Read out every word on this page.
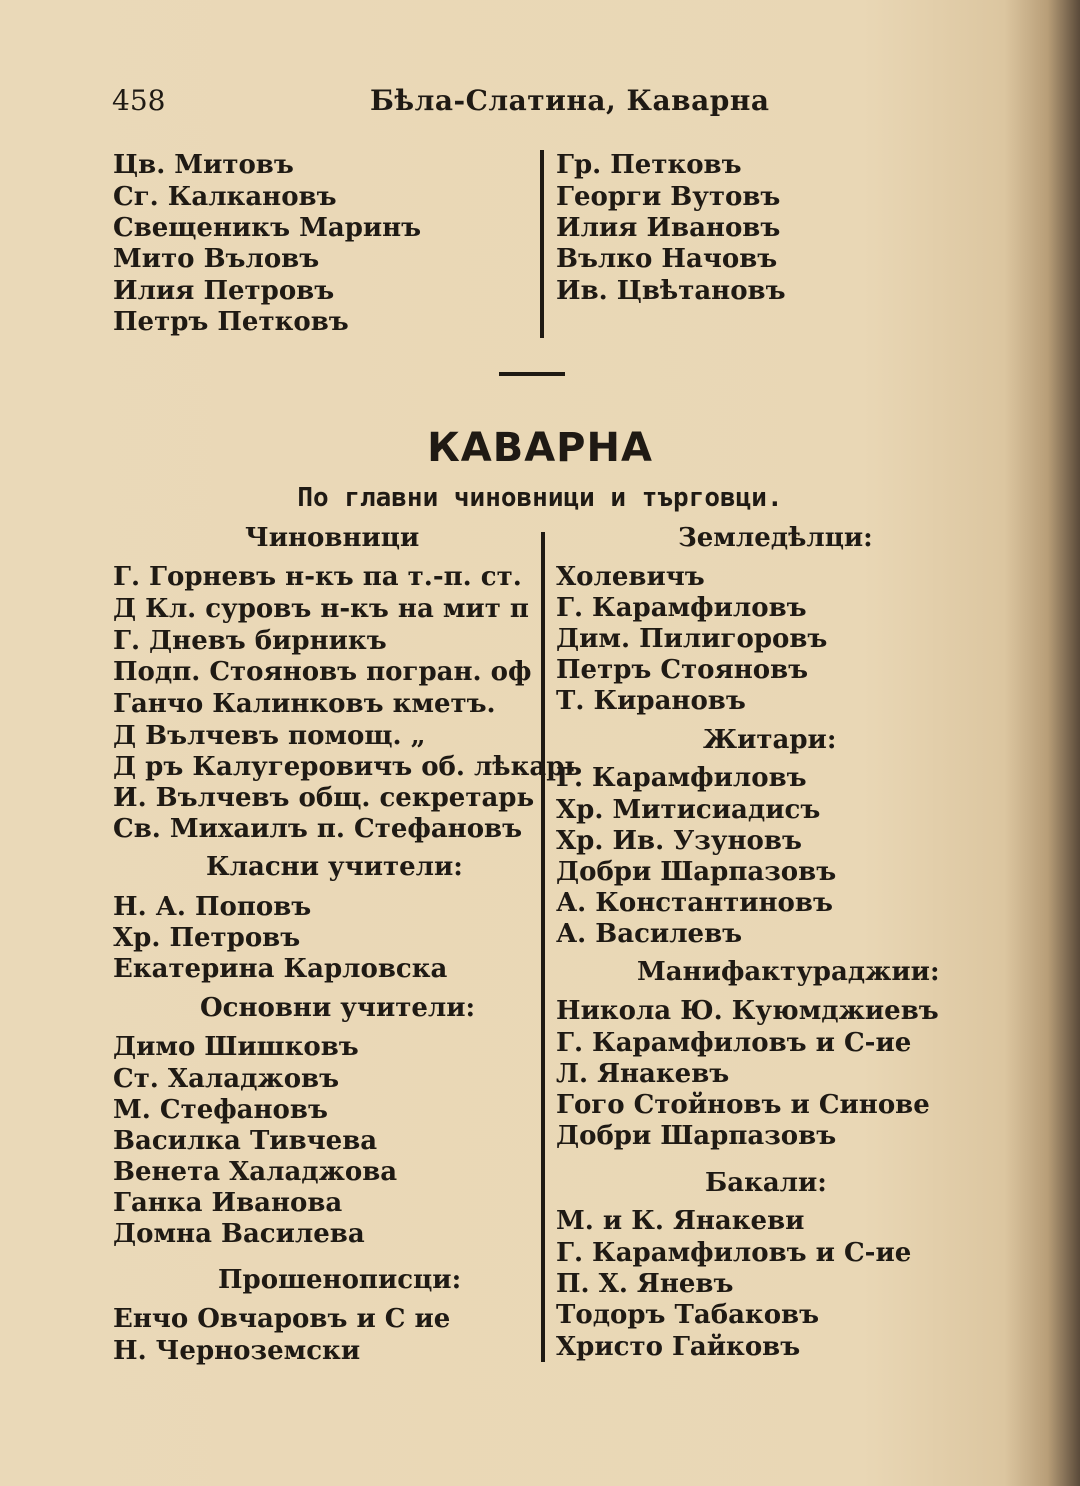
458	Бѣла-Слатина, Каварна
Цв. Митовъ
Сг. Калкановъ
Свещеникъ Маринъ
Мито Въловъ
Илия Петровъ
Петръ Петковъ
Гр. Петковъ
Георги Вутовъ
Илия Ивановъ
Вълко Начовъ
Ив. Цвѣтановъ
КАВАРНА
По главни чиновници и търговци.
Чиновници
Г. Горневъ н-къ па т.-п. ст.
Д Кл. суровъ н-къ на мит п
Г. Дневъ бирникъ
Подп. Стояновъ погран. оф
Ганчо Калинковъ кметъ.
Д Вълчевъ помощ. „
Д ръ Калугеровичъ об. лѣкарь
И. Вълчевъ общ. секретарь
Св. Михаилъ п. Стефановъ
Класни учители:
Н. А. Поповъ
Хр. Петровъ
Екатерина Карловска
Основни учители:
Димо Шишковъ
Ст. Халаджовъ
М. Стефановъ
Василка Тивчева
Венета Халаджова
Ганка Иванова
Домна Василева
Прошенописци:
Енчо Овчаровъ и С ие
Н. Черноземски
Земледѣлци:
Холевичъ
Г. Карамфиловъ
Дим. Пилигоровъ
Петръ Стояновъ
Т. Кирановъ
Житари:
Г. Карамфиловъ
Хр. Митисиадисъ
Хр. Ив. Узуновъ
Добри Шарпазовъ
А. Константиновъ
А. Василевъ
Манифактураджии:
Никола Ю. Куюмджиевъ
Г. Карамфиловъ и С-ие
Л. Янакевъ
Гого Стойновъ и Синове
Добри Шарпазовъ
Бакали:
М. и К. Янакеви
Г. Карамфиловъ и С-ие
П. Х. Яневъ
Тодоръ Табаковъ
Христо Гайковъ
